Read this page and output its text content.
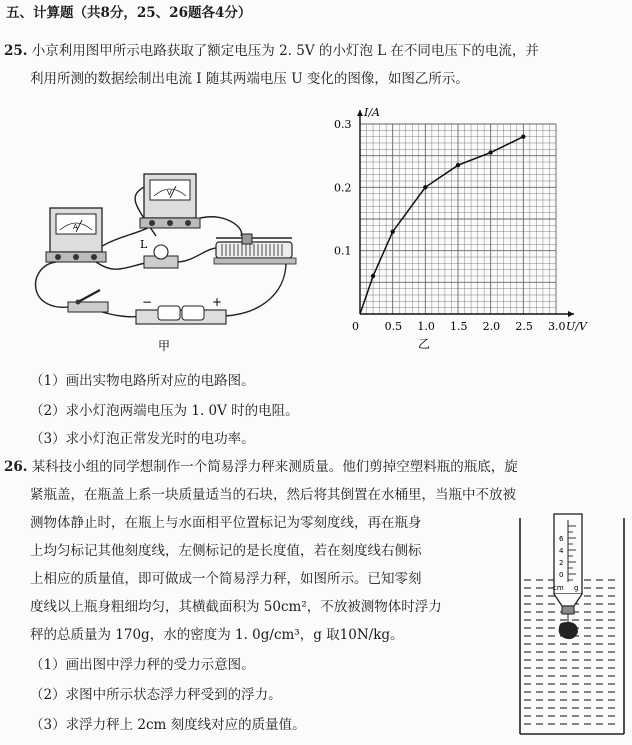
五、计算题（共8分，25、26题各4分）
25. 小京利用图甲所示电路获取了额定电压为 2. 5V 的小灯泡 L 在不同电压下的电流，并
利用所测的数据绘制出电流 I 随其两端电压 U 变化的图像，如图乙所示。
A
V
L
−	+
甲
0 0.5 1.0 1.5 2.0 2.5 3.0
0.1
0.2
0.3
U/V
I/A
乙
（1）画出实物电路所对应的电路图。
（2）求小灯泡两端电压为 1. 0V 时的电阻。
（3）求小灯泡正常发光时的电功率。
26. 某科技小组的同学想制作一个简易浮力秤来测质量。他们剪掉空塑料瓶的瓶底，旋
紧瓶盖，在瓶盖上系一块质量适当的石块，然后将其倒置在水桶里，当瓶中不放被
测物体静止时，在瓶上与水面相平位置标记为零刻度线，再在瓶身
上均匀标记其他刻度线，左侧标记的是长度值，若在刻度线右侧标
上相应的质量值，即可做成一个简易浮力秤，如图所示。已知零刻
度线以上瓶身粗细均匀，其横截面积为 50cm²，不放被测物体时浮力
秤的总质量为 170g，水的密度为 1. 0g/cm³，g 取10N/kg。
（1）画出图中浮力秤的受力示意图。
（2）求图中所示状态浮力秤受到的浮力。
（3）求浮力秤上 2cm 刻度线对应的质量值。
6
4
2
0
cm g
